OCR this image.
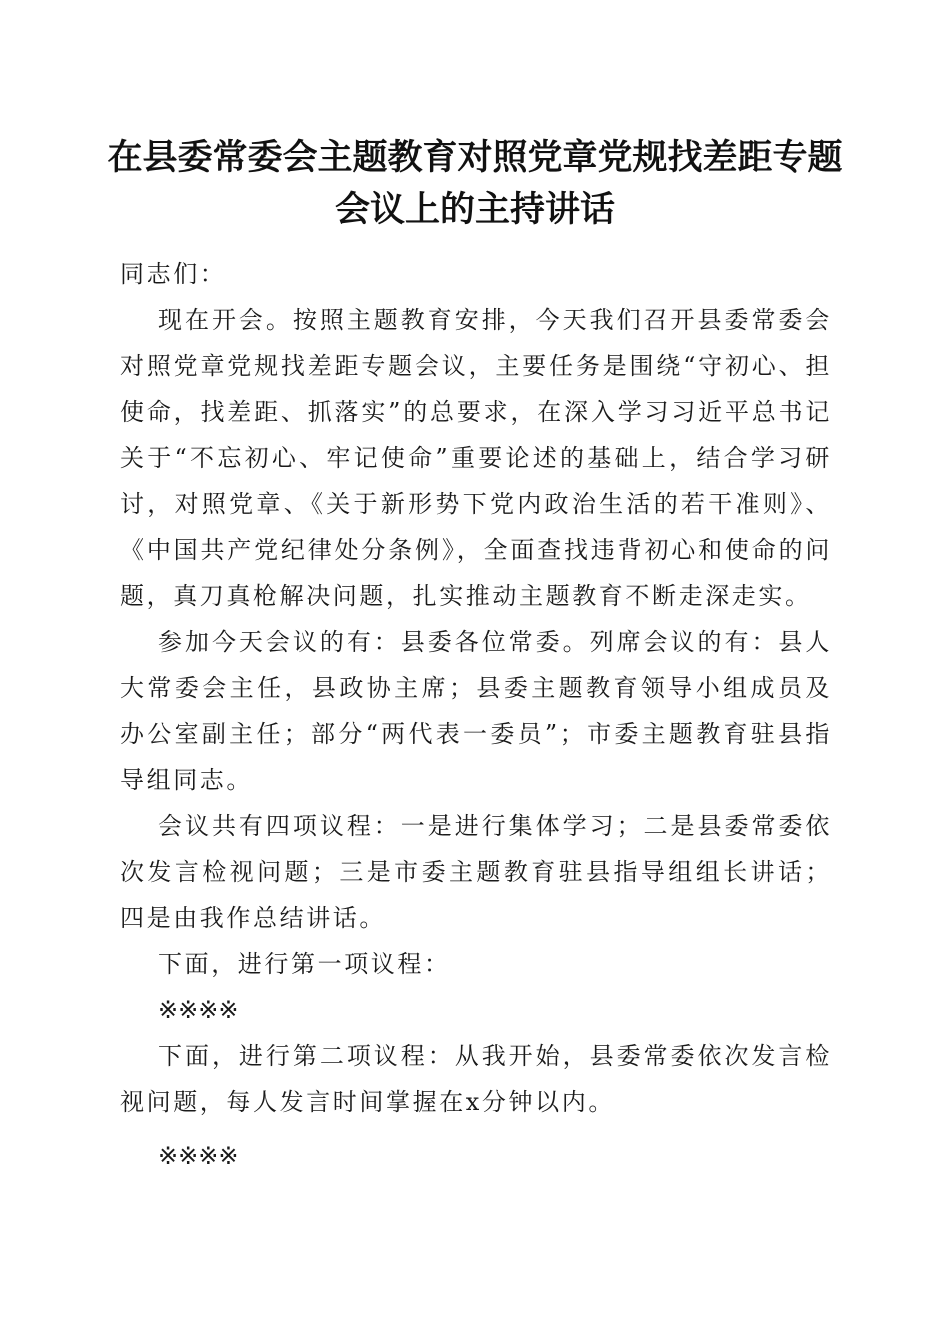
在县委常委会主题教育对照党章党规找差距专题会议上的主持讲话

同志们：

现在开会。按照主题教育安排，今天我们召开县委常委会对照党章党规找差距专题会议，主要任务是围绕“守初心、担使命，找差距、抓落实”的总要求，在深入学习习近平总书记关于“不忘初心、牢记使命”重要论述的基础上，结合学习研讨，对照党章、《关于新形势下党内政治生活的若干准则》、《中国共产党纪律处分条例》，全面查找违背初心和使命的问题，真刀真枪解决问题，扎实推动主题教育不断走深走实。

参加今天会议的有：县委各位常委。列席会议的有：县人大常委会主任，县政协主席；县委主题教育领导小组成员及办公室副主任；部分“两代表一委员”；市委主题教育驻县指导组同志。

会议共有四项议程：一是进行集体学习；二是县委常委依次发言检视问题；三是市委主题教育驻县指导组组长讲话；四是由我作总结讲话。

下面，进行第一项议程：

※※※※

下面，进行第二项议程：从我开始，县委常委依次发言检视问题，每人发言时间掌握在x分钟以内。

※※※※
